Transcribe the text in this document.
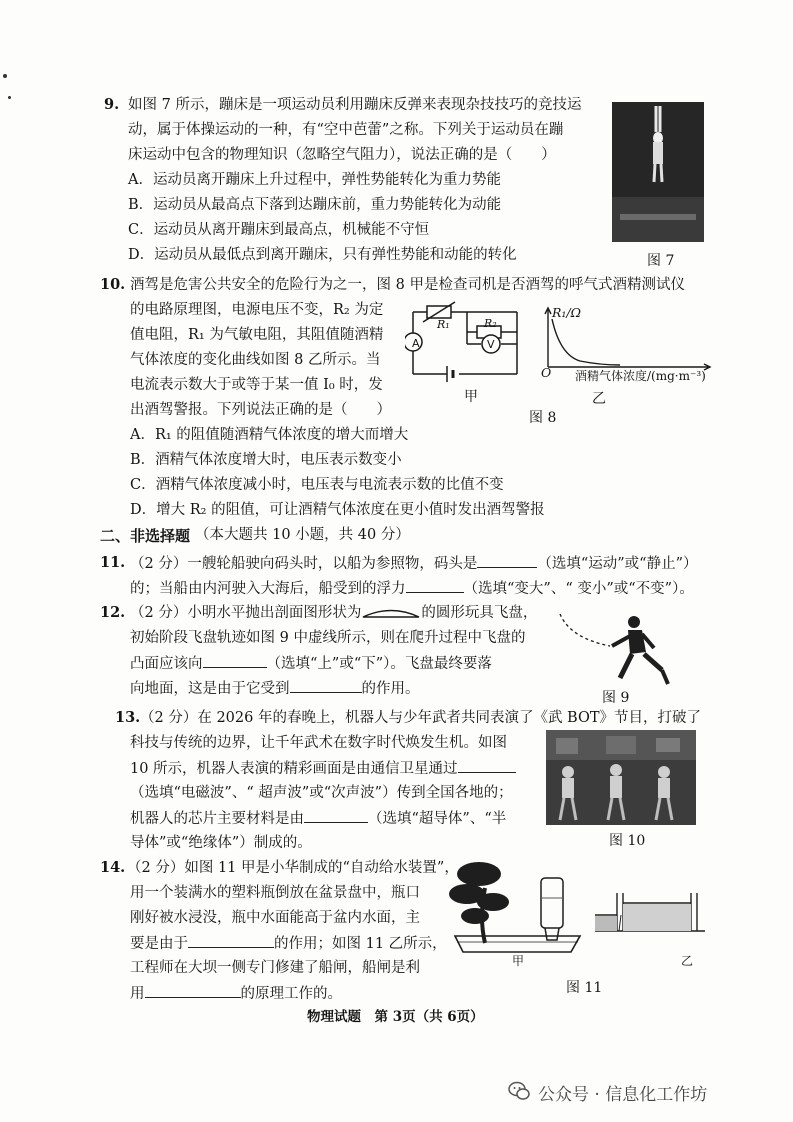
9. 如图 7 所示，蹦床是一项运动员利用蹦床反弹来表现杂技技巧的竞技运
动，属于体操运动的一种，有“空中芭蕾”之称。下列关于运动员在蹦
床运动中包含的物理知识（忽略空气阻力），说法正确的是（　　）
A．运动员离开蹦床上升过程中，弹性势能转化为重力势能
B．运动员从最高点下落到达蹦床前，重力势能转化为动能
C．运动员从离开蹦床到最高点，机械能不守恒
D．运动员从最低点到离开蹦床，只有弹性势能和动能的转化	图 7
10. 酒驾是危害公共安全的危险行为之一，图 8 甲是检查司机是否酒驾的呼气式酒精测试仪
的电路原理图，电源电压不变，R₂ 为定
值电阻，R₁ 为气敏电阻，其阻值随酒精
气体浓度的变化曲线如图 8 乙所示。当
电流表示数大于或等于某一值 I₀ 时，发
出酒驾警报。下列说法正确的是（　　）
A．R₁ 的阻值随酒精气体浓度的增大而增大
B．酒精气体浓度增大时，电压表示数变小
C．酒精气体浓度减小时，电压表与电流表示数的比值不变
D．增大 R₂ 的阻值，可让酒精气体浓度在更小值时发出酒驾警报
A	V
R₁	R₂
甲
R₁/Ω
O 酒精气体浓度/(mg·m⁻³)
乙
图 8
二、非选择题 （本大题共 10 小题，共 40 分）
11. （2 分）一艘轮船驶向码头时，以船为参照物，码头是	（选填“运动”或“静止”）
的；当船由内河驶入大海后，船受到的浮力	（选填“变大”、“ 变小”或“不变”）。
12. （2 分）小明水平抛出剖面图形状为	的圆形玩具飞盘，
初始阶段飞盘轨迹如图 9 中虚线所示，则在爬升过程中飞盘的
凸面应该向	（选填“上”或“下”）。飞盘最终要落
向地面，这是由于它受到	的作用。
图 9
13. （2 分）在 2026 年的春晚上，机器人与少年武者共同表演了《武 BOT》节目，打破了
科技与传统的边界，让千年武术在数字时代焕发生机。如图
10 所示，机器人表演的精彩画面是由通信卫星通过
（选填“电磁波”、“ 超声波”或“次声波”）传到全国各地的；
机器人的芯片主要材料是由	（选填“超导体”、“半
导体”或“绝缘体”）制成的。	图 10
14. （2 分）如图 11 甲是小华制成的“自动给水装置”，
用一个装满水的塑料瓶倒放在盆景盘中，瓶口
刚好被水浸没，瓶中水面能高于盆内水面，主
要是由于	的作用；如图 11 乙所示，
工程师在大坝一侧专门修建了船闸，船闸是利
用	的原理工作的。
甲	乙
图 11
物理试题　第 3页（共 6页）
公众号 · 信息化工作坊
